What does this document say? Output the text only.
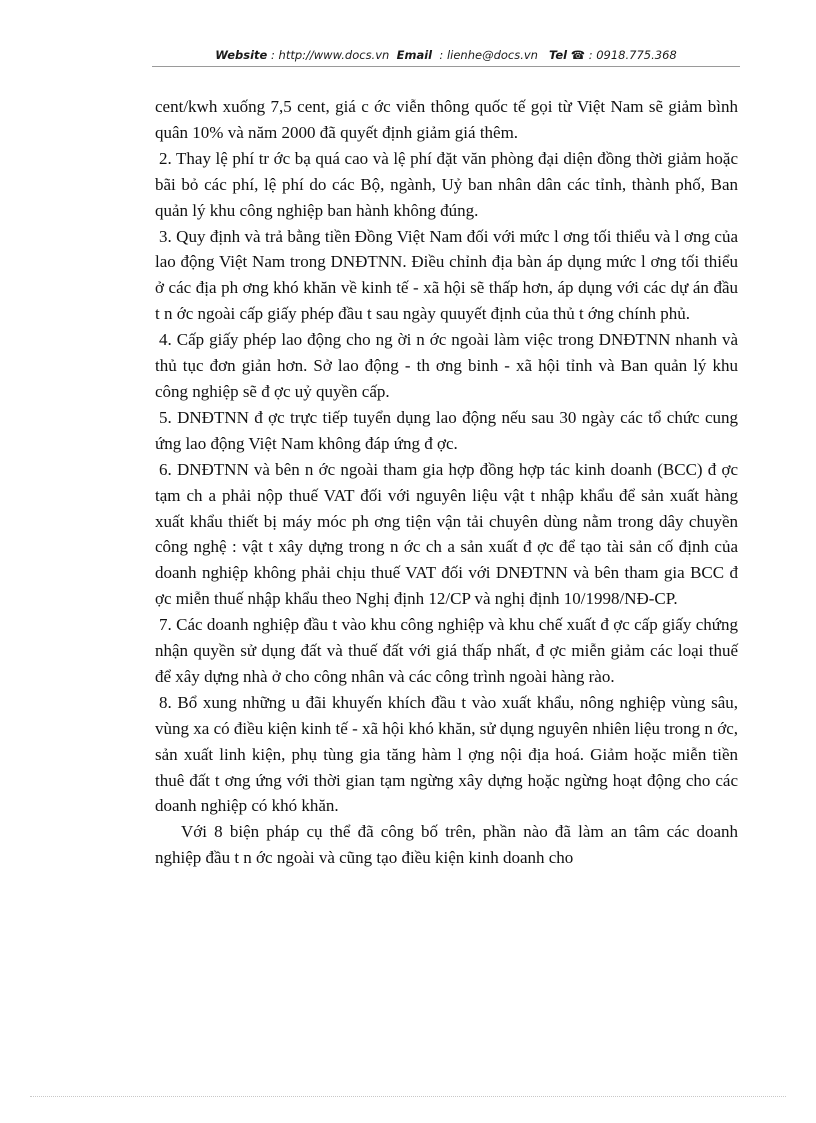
Website : http://www.docs.vn Email : lienhe@docs.vn Tel ☎ : 0918.775.368

cent/kwh xuống 7,5 cent, giá c ớc viễn thông quốc tế gọi từ Việt Nam sẽ giảm bình quân 10% và năm 2000 đã quyết định giảm giá thêm.

2. Thay lệ phí tr ớc bạ quá cao và lệ phí đặt văn phòng đại diện đồng thời giảm hoặc bãi bỏ các phí, lệ phí do các Bộ, ngành, Uỷ ban nhân dân các tỉnh, thành phố, Ban quản lý khu công nghiệp ban hành không đúng.

3. Quy định và trả bằng tiền Đồng Việt Nam đối với mức l ơng tối thiểu và l ơng của lao động Việt Nam trong DNĐTNN. Điều chỉnh địa bàn áp dụng mức l ơng tối thiểu ở các địa ph ơng khó khăn về kinh tế - xã hội sẽ thấp hơn, áp dụng với các dự án đầu t n ớc ngoài cấp giấy phép đầu t sau ngày quuyết định của thủ t ớng chính phủ.

4. Cấp giấy phép lao động cho ng ời n ớc ngoài làm việc trong DNĐTNN nhanh và thủ tục đơn giản hơn. Sở lao động - th ơng binh - xã hội tỉnh và Ban quản lý khu công nghiệp sẽ đ ợc uỷ quyền cấp.

5. DNĐTNN đ ợc trực tiếp tuyển dụng lao động nếu sau 30 ngày các tổ chức cung ứng lao động Việt Nam không đáp ứng đ ợc.

6. DNĐTNN và bên n ớc ngoài tham gia hợp đồng hợp tác kinh doanh (BCC) đ ợc tạm ch a phải nộp thuế VAT đối với nguyên liệu vật t nhập khẩu để sản xuất hàng xuất khẩu thiết bị máy móc ph ơng tiện vận tải chuyên dùng nằm trong dây chuyền công nghệ : vật t xây dựng trong n ớc ch a sản xuất đ ợc để tạo tài sản cố định của doanh nghiệp không phải chịu thuế VAT đối với DNĐTNN và bên tham gia BCC đ ợc miễn thuế nhập khẩu theo Nghị định 12/CP và nghị định 10/1998/NĐ-CP.

7. Các doanh nghiệp đầu t vào khu công nghiệp và khu chế xuất đ ợc cấp giấy chứng nhận quyền sử dụng đất và thuế đất với giá thấp nhất, đ ợc miễn giảm các loại thuế để xây dựng nhà ở cho công nhân và các công trình ngoài hàng rào.

8. Bổ xung những u đãi khuyến khích đầu t vào xuất khẩu, nông nghiệp vùng sâu, vùng xa có điều kiện kinh tế - xã hội khó khăn, sử dụng nguyên nhiên liệu trong n ớc, sản xuất linh kiện, phụ tùng gia tăng hàm l ợng nội địa hoá. Giảm hoặc miễn tiền thuê đất t ơng ứng với thời gian tạm ngừng xây dựng hoặc ngừng hoạt động cho các doanh nghiệp có khó khăn.

Với 8 biện pháp cụ thể đã công bố trên, phần nào đã làm an tâm các doanh nghiệp đầu t n ớc ngoài và cũng tạo điều kiện kinh doanh cho
